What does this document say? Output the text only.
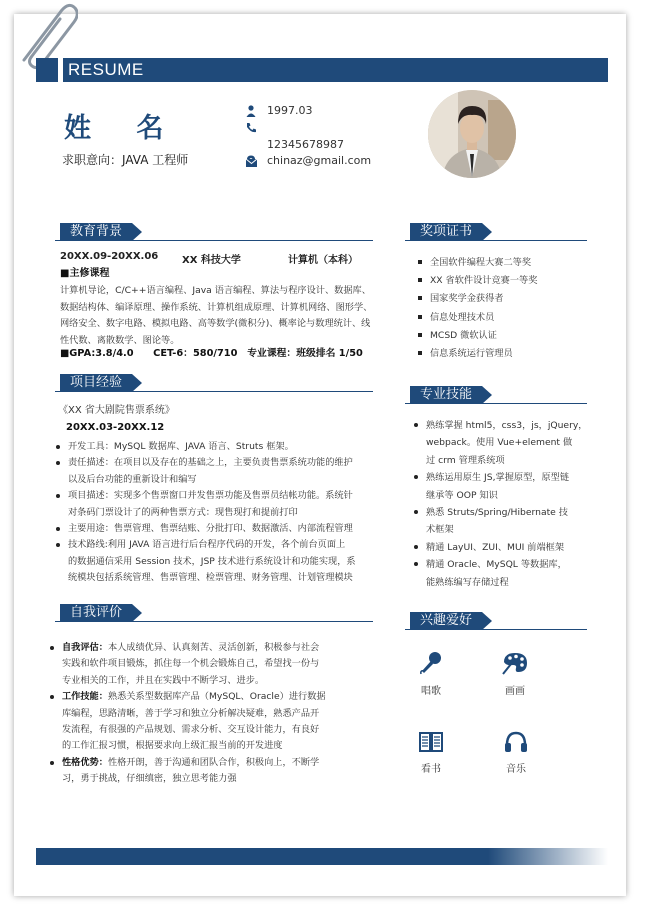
RESUME
姓 名
求职意向：JAVA 工程师
1997.03
12345678987
chinaz@gmail.com
教育背景
20XX.09-20XX.06	XX 科技大学	计算机（本科）
■主修课程
计算机导论，C/C++语言编程、Java 语言编程、算法与程序设计、数据库、
数据结构体、编译原理、操作系统、计算机组成原理、计算机网络、图形学、
网络安全、数字电路、模拟电路、高等数学(微积分)、概率论与数理统计、线
性代数、离散数学、图论等。
■GPA:3.8/4.0　　CET-6：580/710　专业课程：班级排名 1/50
项目经验
《XX 省大剧院售票系统》
20XX.03-20XX.12
开发工具：MySQL 数据库、JAVA 语言、Struts 框架。
责任描述：在项目以及存在的基础之上，主要负责售票系统功能的维护
以及后台功能的重新设计和编写
项目描述：实现多个售票窗口并发售票功能及售票员结帐功能。系统针
对条码门票设计了的两种售票方式：现售现打和提前打印
主要用途：售票管理、售票结账、分批打印、数据激活、内部流程管理
技术路线:利用 JAVA 语言进行后台程序代码的开发，各个前台页面上
的数据通信采用 Session 技术，JSP 技术进行系统设计和功能实现，系
统模块包括系统管理、售票管理、检票管理、财务管理、计划管理模块
自我评价
自我评估：本人成绩优异、认真刻苦、灵活创新，积极参与社会
实践和软件项目锻炼，抓住每一个机会锻炼自己，希望找一份与
专业相关的工作，并且在实践中不断学习、进步。
工作技能：熟悉关系型数据库产品（MySQL、Oracle）进行数据
库编程，思路清晰，善于学习和独立分析解决疑难，熟悉产品开
发流程，有很强的产品规划、需求分析、交互设计能力，有良好
的工作汇报习惯，根据要求向上级汇报当前的开发进度
性格优势：性格开朗，善于沟通和团队合作，积极向上，不断学
习，勇于挑战，仔细缜密，独立思考能力强
奖项证书
全国软件编程大赛二等奖
XX 省软件设计竞赛一等奖
国家奖学金获得者
信息处理技术员
MCSD 微软认证
信息系统运行管理员
专业技能
熟练掌握 html5，css3，js，jQuery，
webpack。使用 Vue+element 做
过 crm 管理系统项
熟练运用原生 JS,掌握原型，原型链
继承等 OOP 知识
熟悉 Struts/Spring/Hibernate 技
术框架
精通 LayUI、ZUI、MUI 前端框架
精通 Oracle、MySQL 等数据库，
能熟练编写存储过程
兴趣爱好
唱歌	画画
看书	音乐
